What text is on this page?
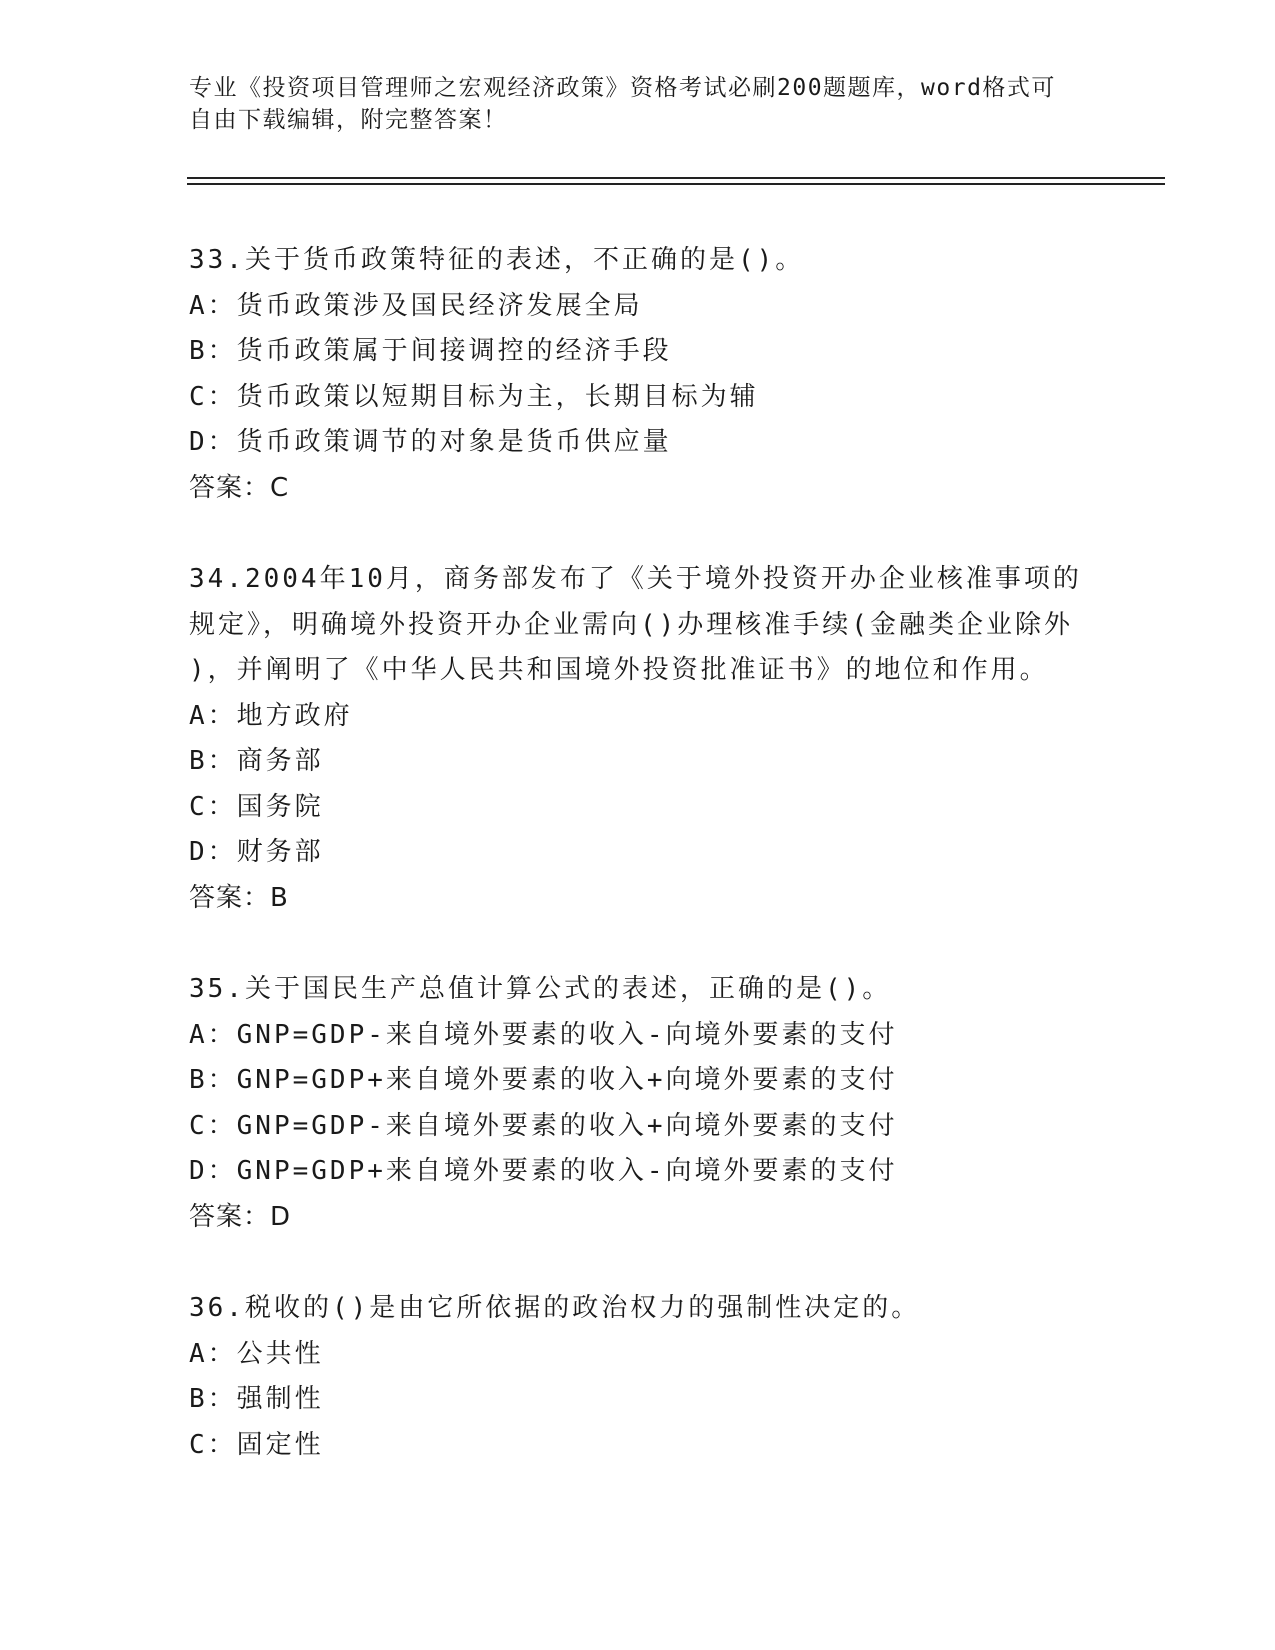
专业《投资项目管理师之宏观经济政策》资格考试必刷200题题库，word格式可
自由下载编辑，附完整答案！
33.关于货币政策特征的表述，不正确的是()。
A：货币政策涉及国民经济发展全局
B：货币政策属于间接调控的经济手段
C：货币政策以短期目标为主，长期目标为辅
D：货币政策调节的对象是货币供应量
答案：C
34.2004年10月，商务部发布了《关于境外投资开办企业核准事项的
规定》，明确境外投资开办企业需向()办理核准手续(金融类企业除外
)，并阐明了《中华人民共和国境外投资批准证书》的地位和作用。
A：地方政府
B：商务部
C：国务院
D：财务部
答案：B
35.关于国民生产总值计算公式的表述，正确的是()。
A：GNP=GDP-来自境外要素的收入-向境外要素的支付
B：GNP=GDP+来自境外要素的收入+向境外要素的支付
C：GNP=GDP-来自境外要素的收入+向境外要素的支付
D：GNP=GDP+来自境外要素的收入-向境外要素的支付
答案：D
36.税收的()是由它所依据的政治权力的强制性决定的。
A：公共性
B：强制性
C：固定性
